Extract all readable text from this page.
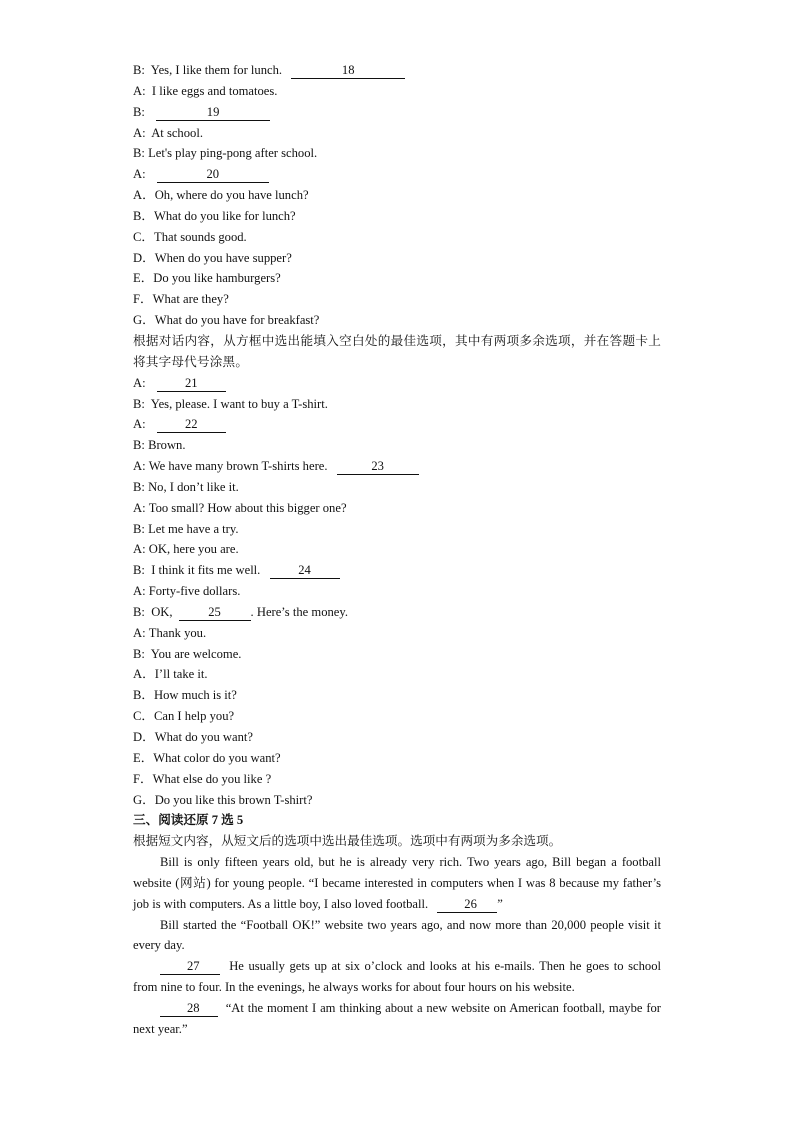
B: Yes, I like them for lunch.	18
A: I like eggs and tomatoes.
B:	19
A: At school.
B: Let's play ping-pong after school.
A:	20
A．Oh, where do you have lunch?
B．What do you like for lunch?
C．That sounds good.
D．When do you have supper?
E．Do you like hamburgers?
F．What are they?
G．What do you have for breakfast?
根据对话内容，从方框中选出能填入空白处的最佳选项，其中有两项多余选项，并在答题卡上将其字母代号涂黑。
A:	21
B: Yes, please. I want to buy a T-shirt.
A:	22
B: Brown.
A: We have many brown T-shirts here.	23
B: No, I don’t like it.
A: Too small? How about this bigger one?
B: Let me have a try.
A: OK, here you are.
B: I think it fits me well.	24
A: Forty-five dollars.
B: OK,	25 . Here’s the money.
A: Thank you.
B: You are welcome.
A．I’ll take it.
B．How much is it?
C．Can I help you?
D．What do you want?
E．What color do you want?
F．What else do you like ?
G．Do you like this brown T-shirt?
三、阅读还原 7 选 5
根据短文内容，从短文后的选项中选出最佳选项。选项中有两项为多余选项。
Bill is only fifteen years old, but he is already very rich. Two years ago, Bill began a football website (网站) for young people. “I became interested in computers when I was 8 because my father’s job is with computers. As a little boy, I also loved football.	26 ”
Bill started the “Football OK!” website two years ago, and now more than 20,000 people visit it every day.
27 He usually gets up at six o’clock and looks at his e-mails. Then he goes to school from nine to four. In the evenings, he always works for about four hours on his website.
28 “At the moment I am thinking about a new website on American football, maybe for next year.”
